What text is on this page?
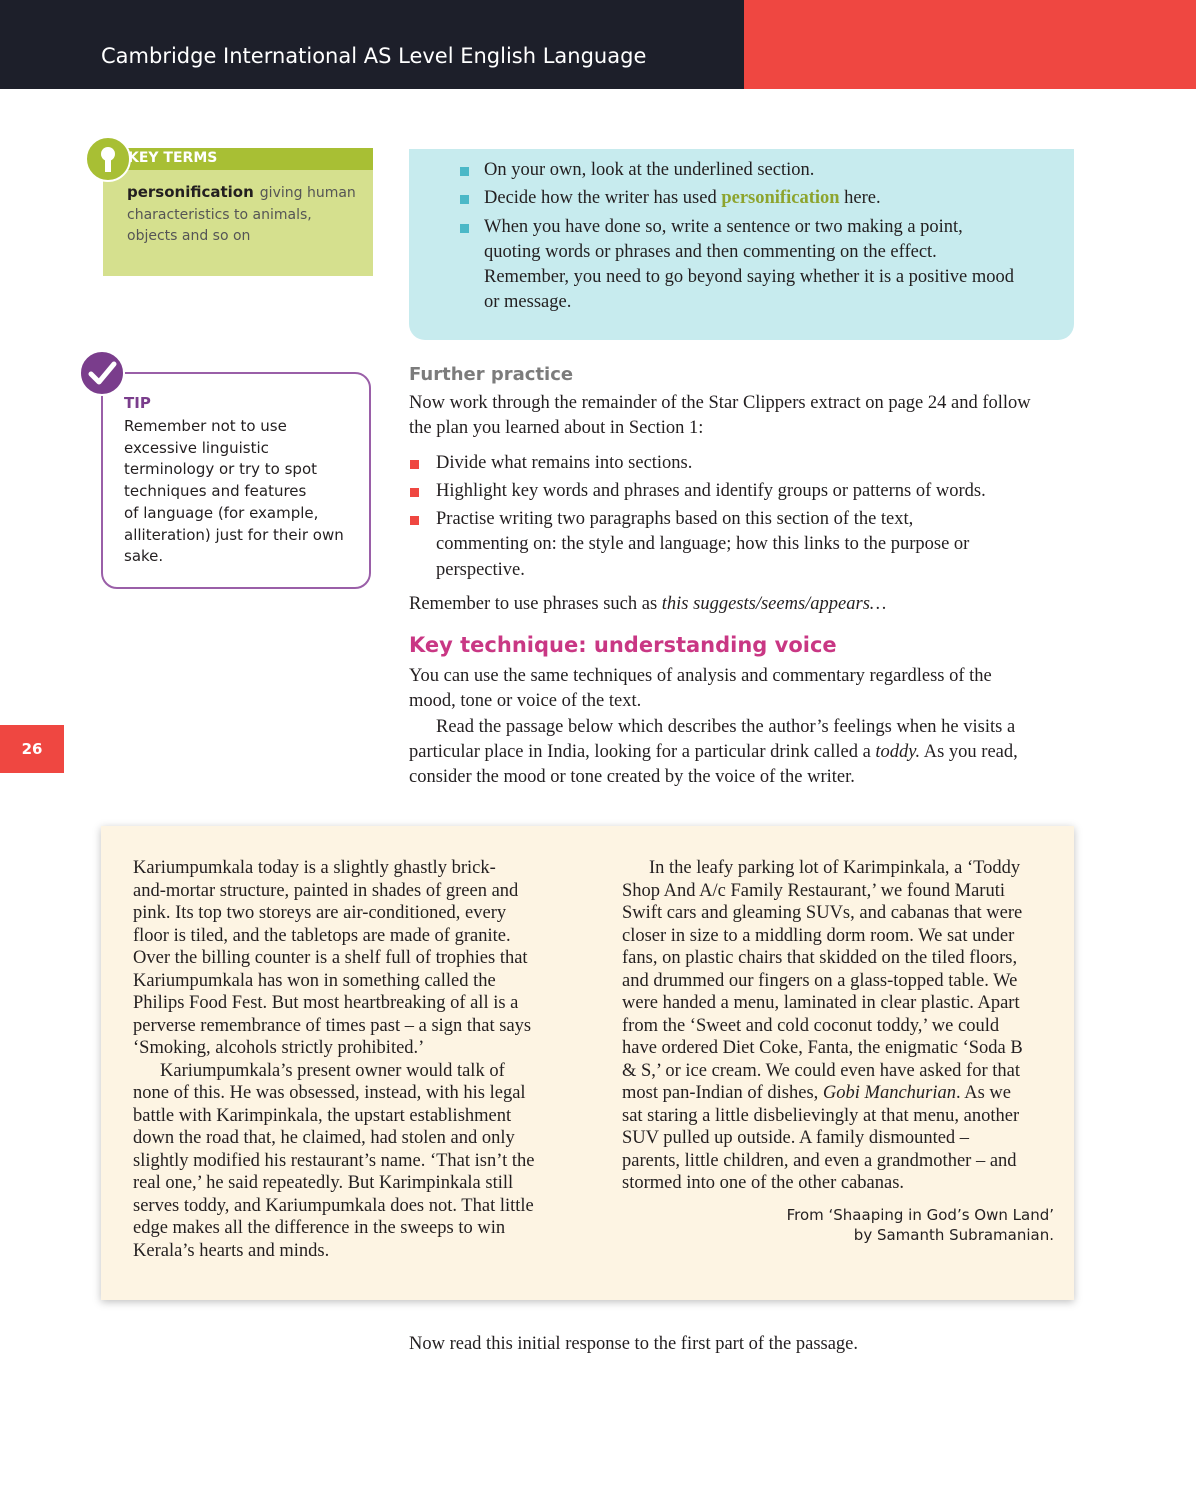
Cambridge International AS Level English Language
26
KEY TERMS
personification giving human
characteristics to animals,
objects and so on
TIP
Remember not to use
excessive linguistic
terminology or try to spot
techniques and features
of language (for example,
alliteration) just for their own
sake.
On your own, look at the underlined section.
Decide how the writer has used personification here.
When you have done so, write a sentence or two making a point,
quoting words or phrases and then commenting on the effect.
Remember, you need to go beyond saying whether it is a positive mood
or message.
Further practice
Now work through the remainder of the Star Clippers extract on page 24 and follow
the plan you learned about in Section 1:
Divide what remains into sections.
Highlight key words and phrases and identify groups or patterns of words.
Practise writing two paragraphs based on this section of the text,
commenting on: the style and language; how this links to the purpose or
perspective.
Remember to use phrases such as this suggests/seems/appears…
Key technique: understanding voice
You can use the same techniques of analysis and commentary regardless of the
mood, tone or voice of the text.
Read the passage below which describes the author’s feelings when he visits a
particular place in India, looking for a particular drink called a toddy. As you read,
consider the mood or tone created by the voice of the writer.
Kariumpumkala today is a slightly ghastly brick-
and-mortar structure, painted in shades of green and
pink. Its top two storeys are air-conditioned, every
floor is tiled, and the tabletops are made of granite.
Over the billing counter is a shelf full of trophies that
Kariumpumkala has won in something called the
Philips Food Fest. But most heartbreaking of all is a
perverse remembrance of times past – a sign that says
‘Smoking, alcohols strictly prohibited.’
Kariumpumkala’s present owner would talk of
none of this. He was obsessed, instead, with his legal
battle with Karimpinkala, the upstart establishment
down the road that, he claimed, had stolen and only
slightly modified his restaurant’s name. ‘That isn’t the
real one,’ he said repeatedly. But Karimpinkala still
serves toddy, and Kariumpumkala does not. That little
edge makes all the difference in the sweeps to win
Kerala’s hearts and minds.
In the leafy parking lot of Karimpinkala, a ‘Toddy
Shop And A/c Family Restaurant,’ we found Maruti
Swift cars and gleaming SUVs, and cabanas that were
closer in size to a middling dorm room. We sat under
fans, on plastic chairs that skidded on the tiled floors,
and drummed our fingers on a glass-topped table. We
were handed a menu, laminated in clear plastic. Apart
from the ‘Sweet and cold coconut toddy,’ we could
have ordered Diet Coke, Fanta, the enigmatic ‘Soda B
& S,’ or ice cream. We could even have asked for that
most pan-Indian of dishes, Gobi Manchurian. As we
sat staring a little disbelievingly at that menu, another
SUV pulled up outside. A family dismounted –
parents, little children, and even a grandmother – and
stormed into one of the other cabanas.
From ‘Shaaping in God’s Own Land’
by Samanth Subramanian.
Now read this initial response to the first part of the passage.
